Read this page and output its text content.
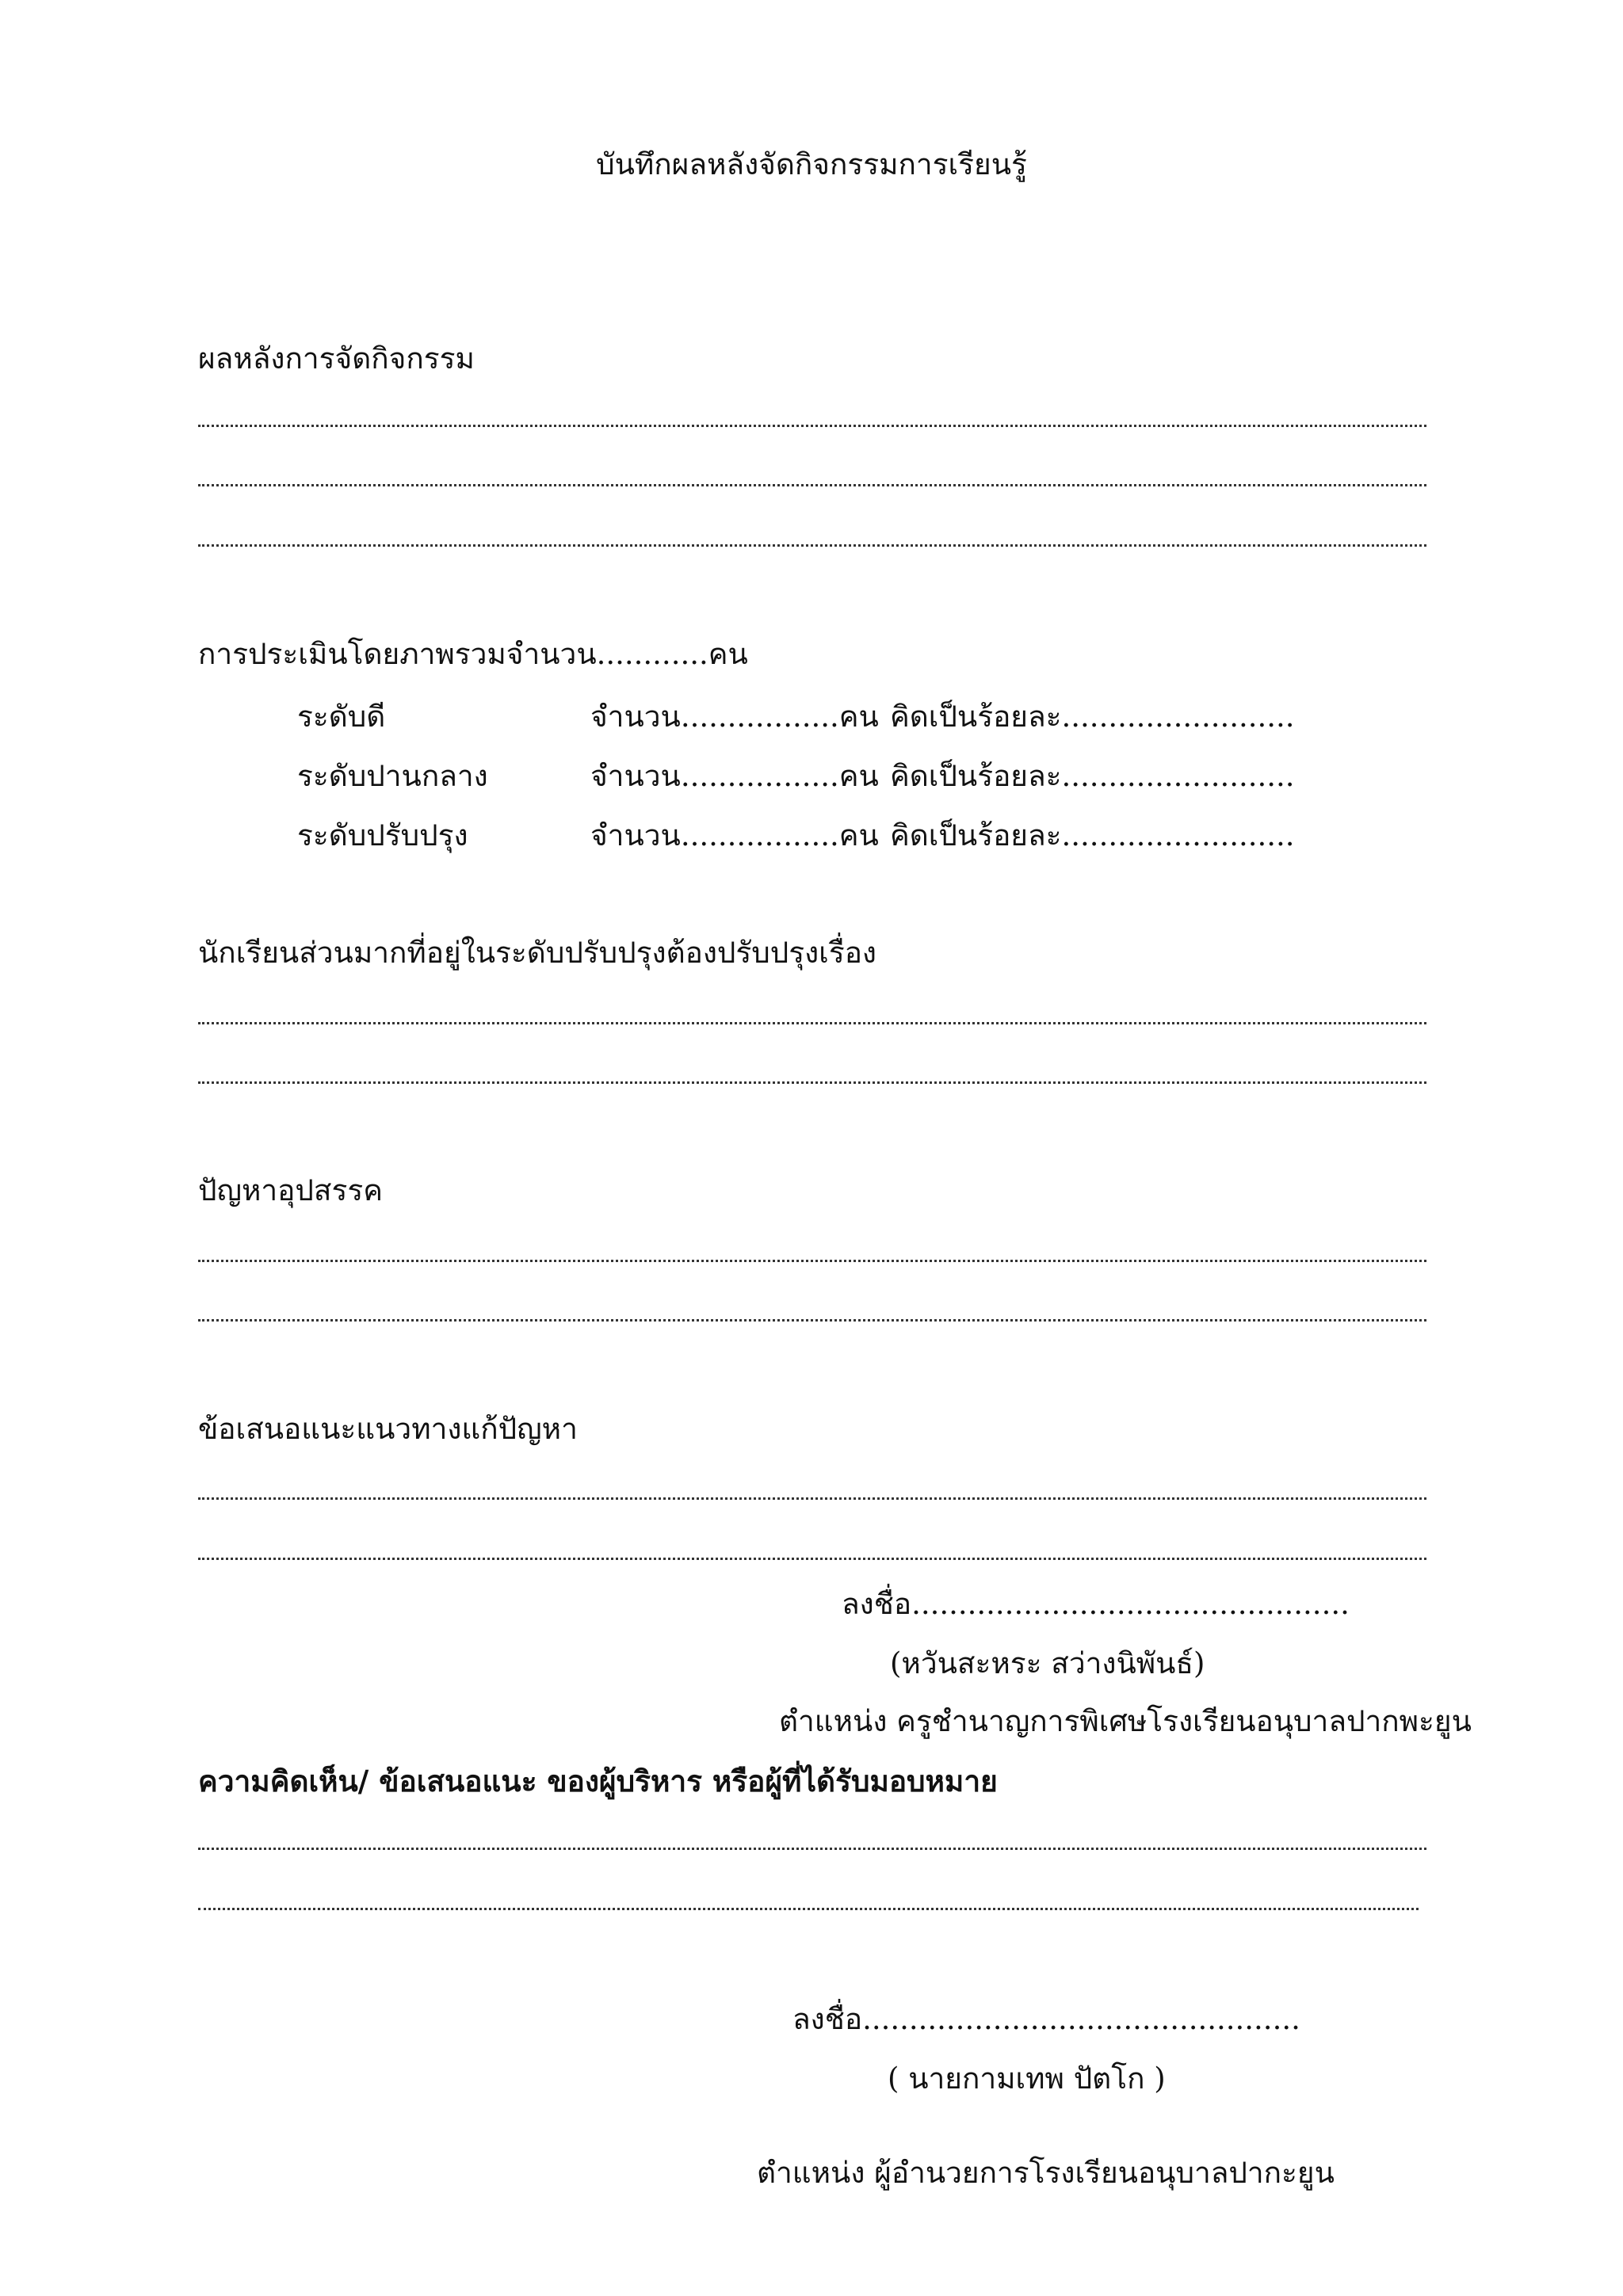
บันทึกผลหลังจัดกิจกรรมการเรียนรู้
ผลหลังการจัดกิจกรรม
การประเมินโดยภาพรวมจำนวน............คน
ระดับดี	จำนวน.................คน คิดเป็นร้อยละ.........................
ระดับปานกลาง	จำนวน.................คน คิดเป็นร้อยละ.........................
ระดับปรับปรุง	จำนวน.................คน คิดเป็นร้อยละ.........................
นักเรียนส่วนมากที่อยู่ในระดับปรับปรุงต้องปรับปรุงเรื่อง
ปัญหาอุปสรรค
ข้อเสนอแนะแนวทางแก้ปัญหา
ลงชื่อ...............................................
(หวันสะหระ สว่างนิพันธ์)
ตำแหน่ง ครูชำนาญการพิเศษโรงเรียนอนุบาลปากพะยูน
ความคิดเห็น/ ข้อเสนอแนะ ของผู้บริหาร หรือผู้ที่ได้รับมอบหมาย
ลงชื่อ...............................................
( นายกามเทพ ปัตโก )
ตำแหน่ง ผู้อำนวยการโรงเรียนอนุบาลปากะยูน
